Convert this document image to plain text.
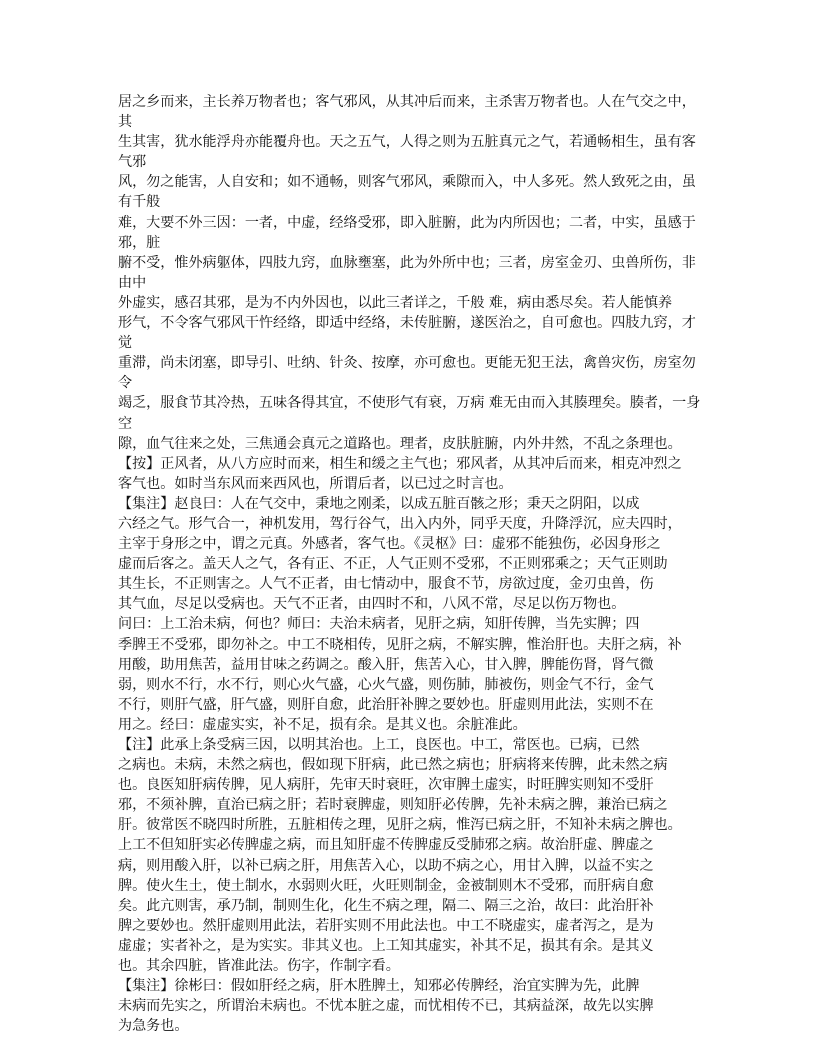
居之乡而来，主长养万物者也；客气邪风，从其冲后而来，主杀害万物者也。人在气交之中，
其
生其害，犹水能浮舟亦能覆舟也。天之五气，人得之则为五脏真元之气，若通畅相生，虽有客
气邪
风，勿之能害，人自安和；如不通畅，则客气邪风，乘隙而入，中人多死。然人致死之由，虽
有千般
难，大要不外三因：一者，中虚，经络受邪，即入脏腑，此为内所因也；二者，中实，虽感于
邪，脏
腑不受，惟外病躯体，四肢九窍，血脉壅塞，此为外所中也；三者，房室金刃、虫兽所伤，非
由中
外虚实，感召其邪，是为不内外因也，以此三者详之，千般 难，病由悉尽矣。若人能慎养
形气，不令客气邪风干忤经络，即适中经络，未传脏腑，遂医治之，自可愈也。四肢九窍，才
觉
重滞，尚未闭塞，即导引、吐纳、针灸、按摩，亦可愈也。更能无犯王法，禽兽灾伤，房室勿
令
竭乏，服食节其冷热，五味各得其宜，不使形气有衰，万病 难无由而入其腠理矣。腠者，一身
空
隙，血气往来之处，三焦通会真元之道路也。理者，皮肤脏腑，内外井然，不乱之条理也。
【按】正风者，从八方应时而来，相生和缓之主气也；邪风者，从其冲后而来，相克冲烈之
客气也。如时当东风而来西风也，所谓后者，以已过之时言也。
【集注】赵良曰：人在气交中，秉地之刚柔，以成五脏百骸之形；秉天之阴阳，以成
六经之气。形气合一，神机发用，驾行谷气，出入内外，同乎天度，升降浮沉，应夫四时，
主宰于身形之中，谓之元真。外感者，客气也。《灵枢》曰：虚邪不能独伤，必因身形之
虚而后客之。盖天人之气，各有正、不正，人气正则不受邪，不正则邪乘之；天气正则助
其生长，不正则害之。人气不正者，由七情动中，服食不节，房欲过度，金刃虫兽，伤
其气血，尽足以受病也。天气不正者，由四时不和，八风不常，尽足以伤万物也。
问曰：上工治未病，何也？师曰：夫治未病者，见肝之病，知肝传脾，当先实脾；四
季脾王不受邪，即勿补之。中工不晓相传，见肝之病，不解实脾，惟治肝也。夫肝之病，补
用酸，助用焦苦，益用甘味之药调之。酸入肝，焦苦入心，甘入脾，脾能伤肾，肾气微
弱，则水不行，水不行，则心火气盛，心火气盛，则伤肺，肺被伤，则金气不行，金气
不行，则肝气盛，肝气盛，则肝自愈，此治肝补脾之要妙也。肝虚则用此法，实则不在
用之。经曰：虚虚实实，补不足，损有余。是其义也。余脏准此。
【注】此承上条受病三因，以明其治也。上工，良医也。中工，常医也。已病，已然
之病也。未病，未然之病也，假如现下肝病，此已然之病也；肝病将来传脾，此未然之病
也。良医知肝病传脾，见人病肝，先审天时衰旺，次审脾土虚实，时旺脾实则知不受肝
邪，不须补脾，直治已病之肝；若时衰脾虚，则知肝必传脾，先补未病之脾，兼治已病之
肝。彼常医不晓四时所胜，五脏相传之理，见肝之病，惟泻已病之肝，不知补未病之脾也。
上工不但知肝实必传脾虚之病，而且知肝虚不传脾虚反受肺邪之病。故治肝虚、脾虚之
病，则用酸入肝，以补已病之肝，用焦苦入心，以助不病之心，用甘入脾，以益不实之
脾。使火生土，使土制水，水弱则火旺，火旺则制金，金被制则木不受邪，而肝病自愈
矣。此亢则害，承乃制，制则生化，化生不病之理，隔二、隔三之治，故曰：此治肝补
脾之要妙也。然肝虚则用此法，若肝实则不用此法也。中工不晓虚实，虚者泻之，是为
虚虚；实者补之，是为实实。非其义也。上工知其虚实，补其不足，损其有余。是其义
也。其余四脏，皆准此法。伤字，作制字看。
【集注】徐彬曰：假如肝经之病，肝木胜脾土，知邪必传脾经，治宜实脾为先，此脾
未病而先实之，所谓治未病也。不忧本脏之虚，而忧相传不已，其病益深，故先以实脾
为急务也。
